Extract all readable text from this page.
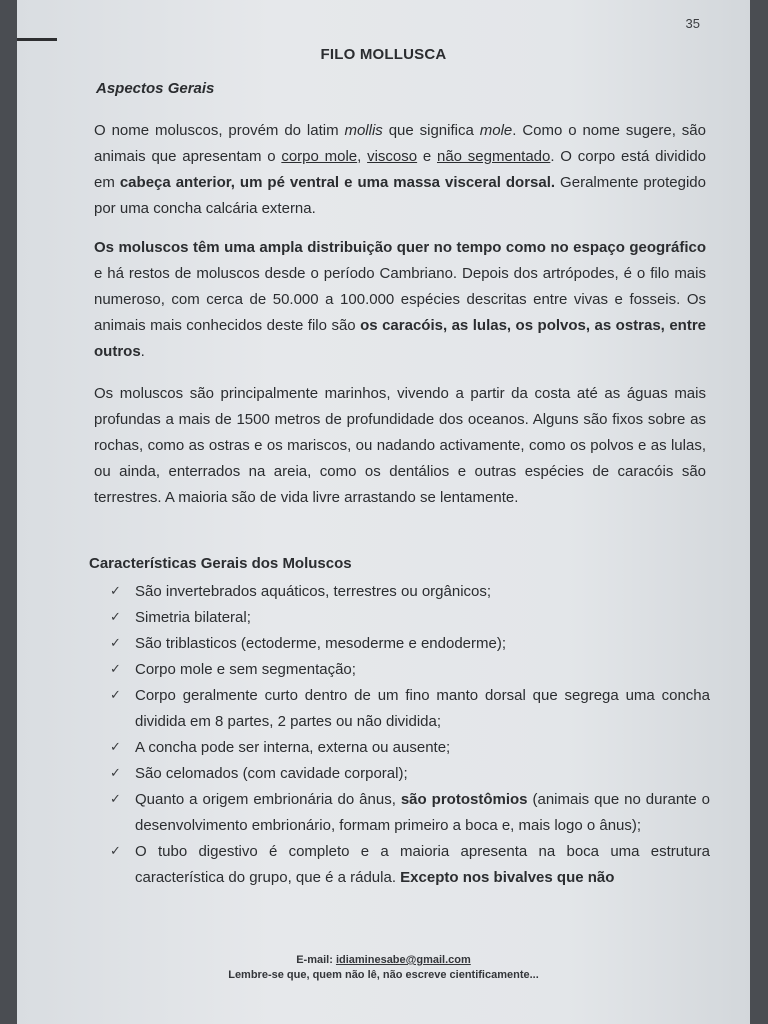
35
FILO MOLLUSCA
Aspectos Gerais

O nome moluscos, provém do latim mollis que significa mole. Como o nome sugere, são animais que apresentam o corpo mole, viscoso e não segmentado. O corpo está dividido em cabeça anterior, um pé ventral e uma massa visceral dorsal. Geralmente protegido por uma concha calcária externa.

Os moluscos têm uma ampla distribuição quer no tempo como no espaço geográfico e há restos de moluscos desde o período Cambriano. Depois dos artrópodes, é o filo mais numeroso, com cerca de 50.000 a 100.000 espécies descritas entre vivas e fosseis. Os animais mais conhecidos deste filo são os caracóis, as lulas, os polvos, as ostras, entre outros.

Os moluscos são principalmente marinhos, vivendo a partir da costa até as águas mais profundas a mais de 1500 metros de profundidade dos oceanos. Alguns são fixos sobre as rochas, como as ostras e os mariscos, ou nadando activamente, como os polvos e as lulas, ou ainda, enterrados na areia, como os dentálios e outras espécies de caracóis são terrestres. A maioria são de vida livre arrastando se lentamente.

Características Gerais dos Moluscos
✓ São invertebrados aquáticos, terrestres ou orgânicos;
✓ Simetria bilateral;
✓ São triblasticos (ectoderme, mesoderme e endoderme);
✓ Corpo mole e sem segmentação;
✓ Corpo geralmente curto dentro de um fino manto dorsal que segrega uma concha dividida em 8 partes, 2 partes ou não dividida;
✓ A concha pode ser interna, externa ou ausente;
✓ São celomados (com cavidade corporal);
✓ Quanto a origem embrionária do ânus, são protostômios (animais que no durante o desenvolvimento embrionário, formam primeiro a boca e, mais logo o ânus);
✓ O tubo digestivo é completo e a maioria apresenta na boca uma estrutura característica do grupo, que é a rádula. Excepto nos bivalves que não
E-mail: idiaminesabe@gmail.com
Lembre-se que, quem não lê, não escreve cientificamente...
